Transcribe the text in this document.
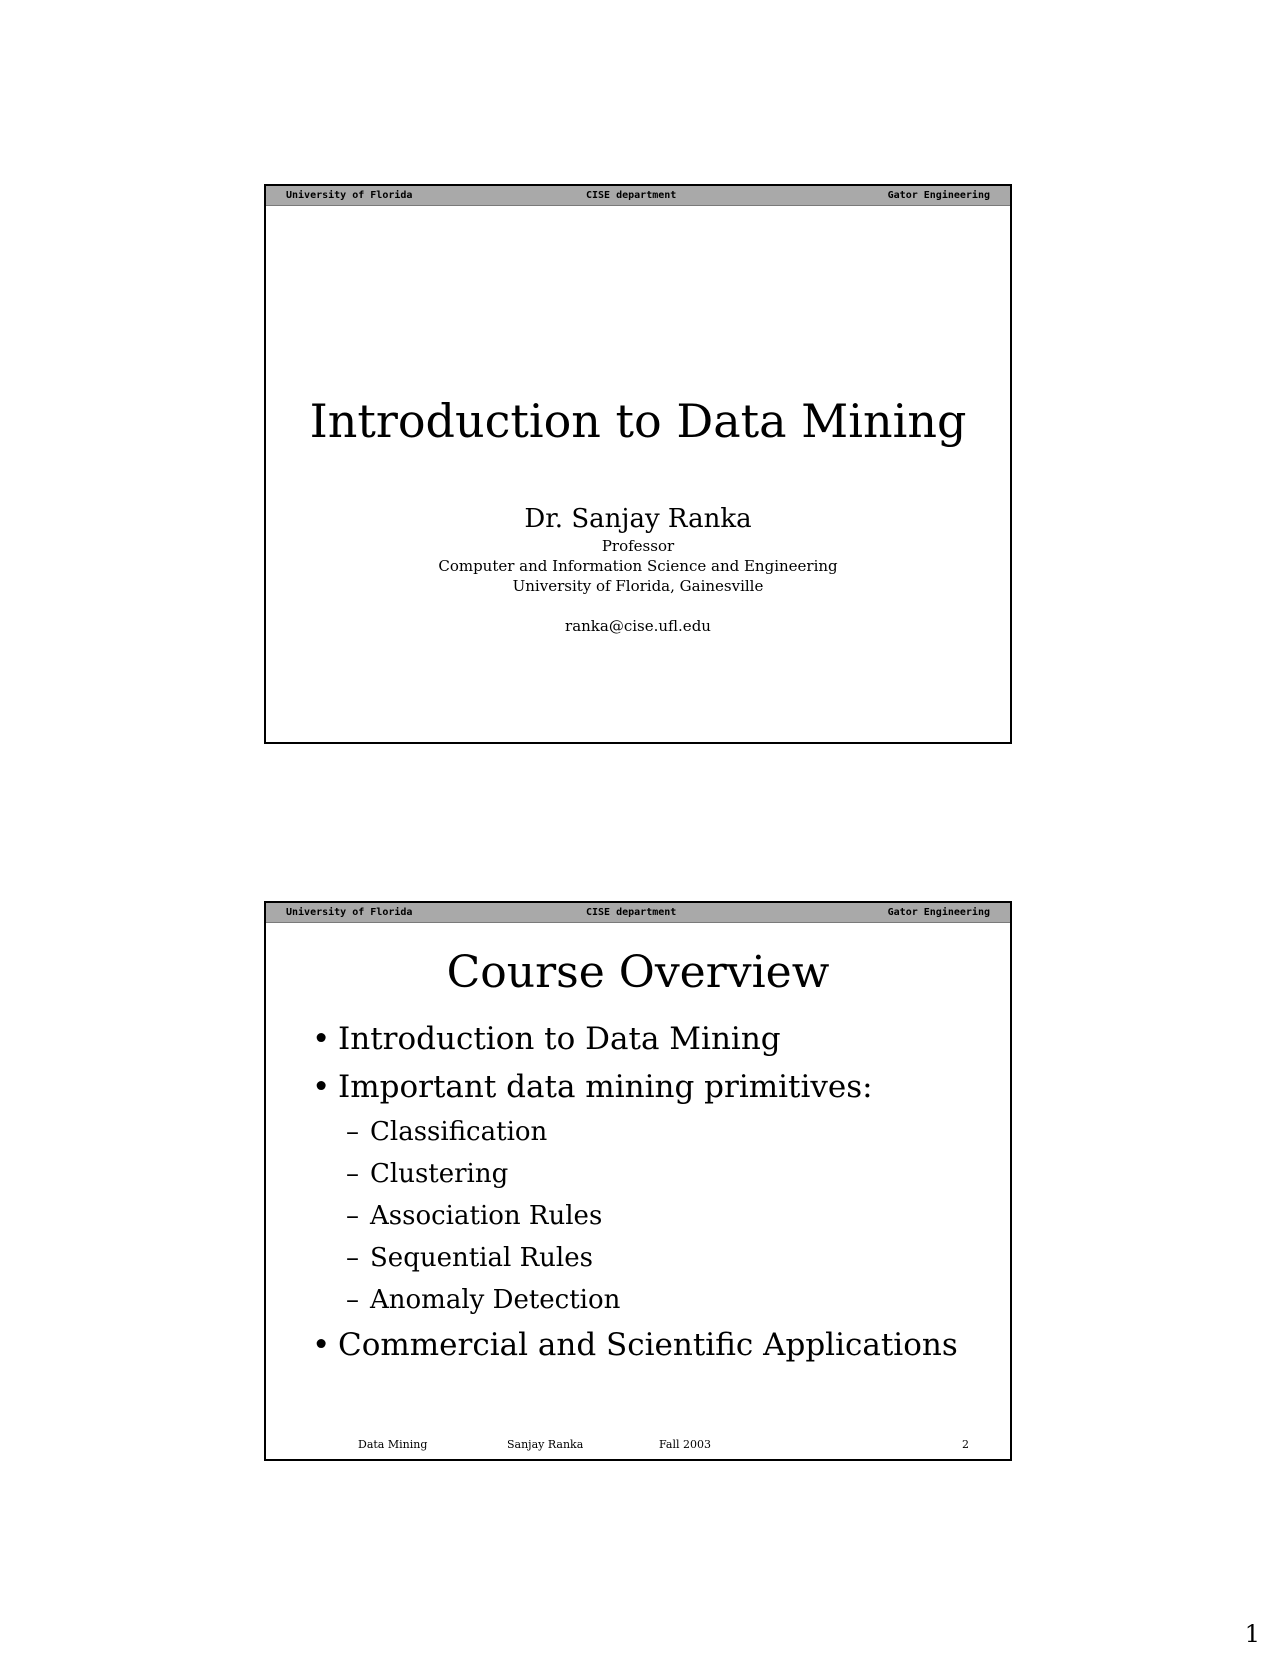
University of Florida	CISE department	Gator Engineering
Introduction to Data Mining
Dr. Sanjay Ranka
Professor
Computer and Information Science and Engineering
University of Florida, Gainesville
ranka@cise.ufl.edu
University of Florida	CISE department	Gator Engineering
Course Overview
• Introduction to Data Mining
• Important data mining primitives:
– Classification
– Clustering
– Association Rules
– Sequential Rules
– Anomaly Detection
• Commercial and Scientific Applications
Data Mining	Sanjay Ranka	Fall 2003	2
1
